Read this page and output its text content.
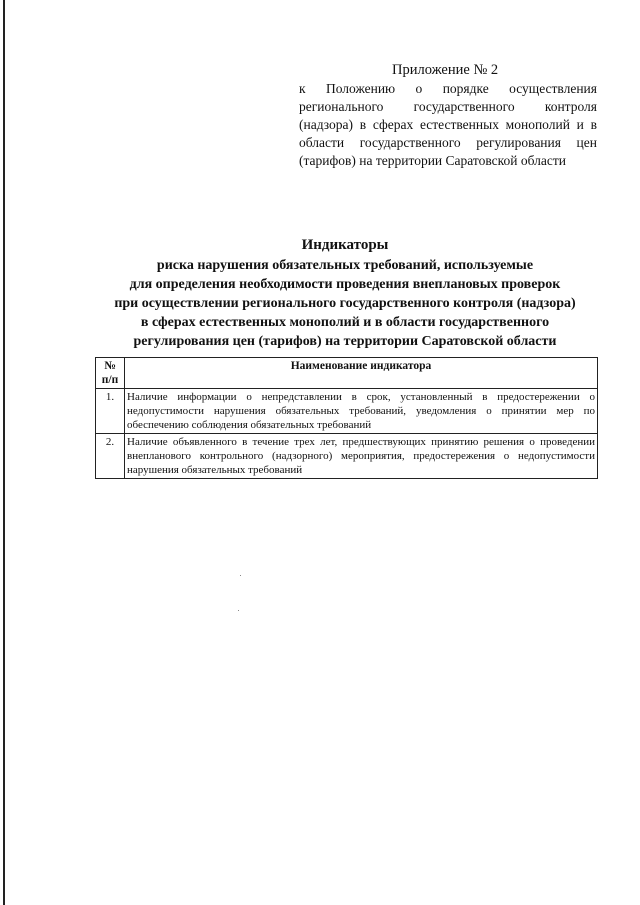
Приложение № 2
к Положению о порядке осуществления регионального государственного контроля (надзора) в сферах естественных монополий и в области государственного регулирования цен (тарифов) на территории Саратовской области
Индикаторы
риска нарушения обязательных требований, используемые
для определения необходимости проведения внеплановых проверок
при осуществлении регионального государственного контроля (надзора)
в сферах естественных монополий и в области государственного
регулирования цен (тарифов) на территории Саратовской области
№ п/п	Наименование индикатора
1.	Наличие информации о непредставлении в срок, установленный в предостережении о недопустимости нарушения обязательных требований, уведомления о принятии мер по обеспечению соблюдения обязательных требований
2.	Наличие объявленного в течение трех лет, предшествующих принятию решения о проведении внепланового контрольного (надзорного) мероприятия, предостережения о недопустимости нарушения обязательных требований
